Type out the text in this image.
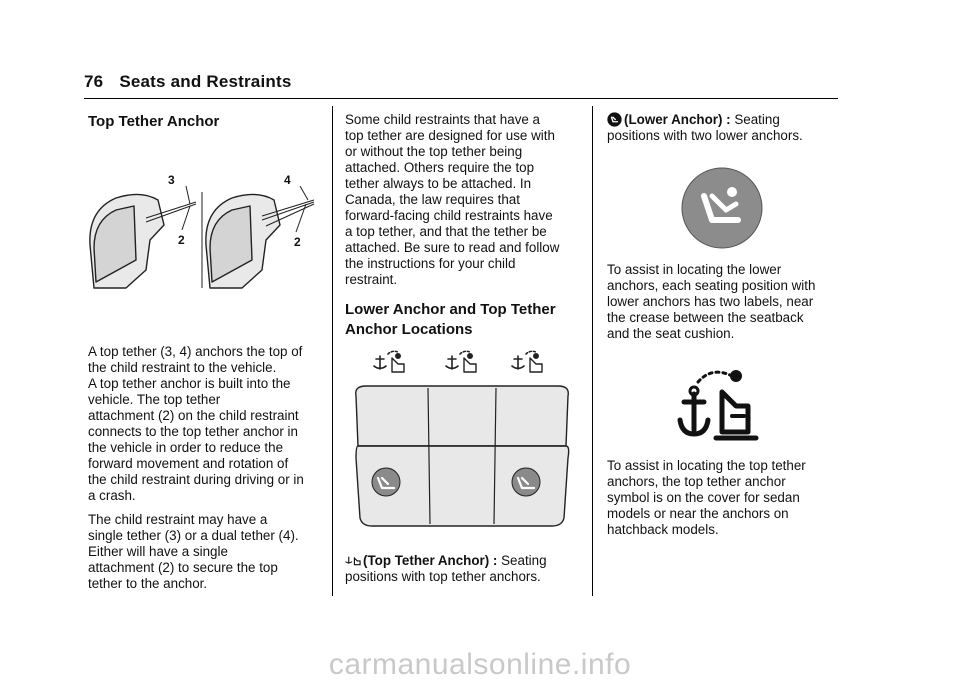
76 Seats and Restraints
Top Tether Anchor
3
2
4
2

A top tether (3, 4) anchors the top of
the child restraint to the vehicle.
A top tether anchor is built into the
vehicle. The top tether
attachment (2) on the child restraint
connects to the top tether anchor in
the vehicle in order to reduce the
forward movement and rotation of
the child restraint during driving or in
a crash.

The child restraint may have a
single tether (3) or a dual tether (4).
Either will have a single
attachment (2) to secure the top
tether to the anchor.

Some child restraints that have a
top tether are designed for use with
or without the top tether being
attached. Others require the top
tether always to be attached. In
Canada, the law requires that
forward-facing child restraints have
a top tether, and that the tether be
attached. Be sure to read and follow
the instructions for your child
restraint.

Lower Anchor and Top Tether
Anchor Locations
(Top Tether Anchor) : Seating
positions with top tether anchors.
(Lower Anchor) : Seating
positions with two lower anchors.
To assist in locating the lower
anchors, each seating position with
lower anchors has two labels, near
the crease between the seatback
and the seat cushion.
To assist in locating the top tether
anchors, the top tether anchor
symbol is on the cover for sedan
models or near the anchors on
hatchback models.
carmanualsonline.info
